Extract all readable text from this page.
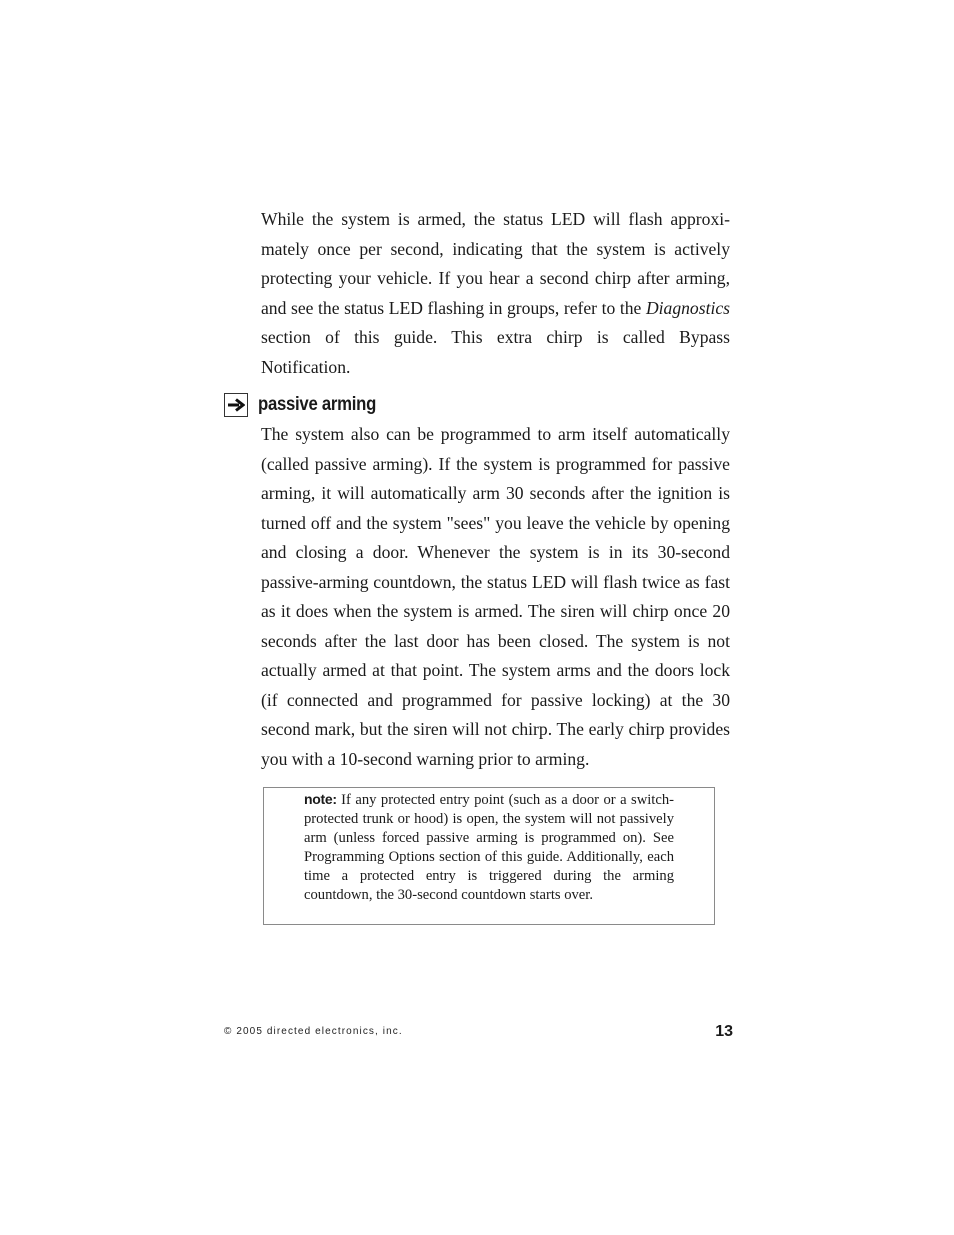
While the system is armed, the status LED will flash approximately once per second, indicating that the system is actively protecting your vehicle. If you hear a second chirp after arming, and see the status LED flashing in groups, refer to the Diagnostics section of this guide. This extra chirp is called Bypass Notification.

passive arming

The system also can be programmed to arm itself automatically (called passive arming). If the system is programmed for passive arming, it will automatically arm 30 seconds after the ignition is turned off and the system "sees" you leave the vehicle by opening and closing a door. Whenever the system is in its 30-second passive-arming countdown, the status LED will flash twice as fast as it does when the system is armed. The siren will chirp once 20 seconds after the last door has been closed. The system is not actually armed at that point. The system arms and the doors lock (if connected and programmed for passive locking) at the 30 second mark, but the siren will not chirp. The early chirp provides you with a 10-second warning prior to arming.

note: If any protected entry point (such as a door or a switch-protected trunk or hood) is open, the system will not passively arm (unless forced passive arming is programmed on). See Programming Options section of this guide. Additionally, each time a protected entry is triggered during the arming countdown, the 30-second countdown starts over.

© 2005 directed electronics, inc.	13
